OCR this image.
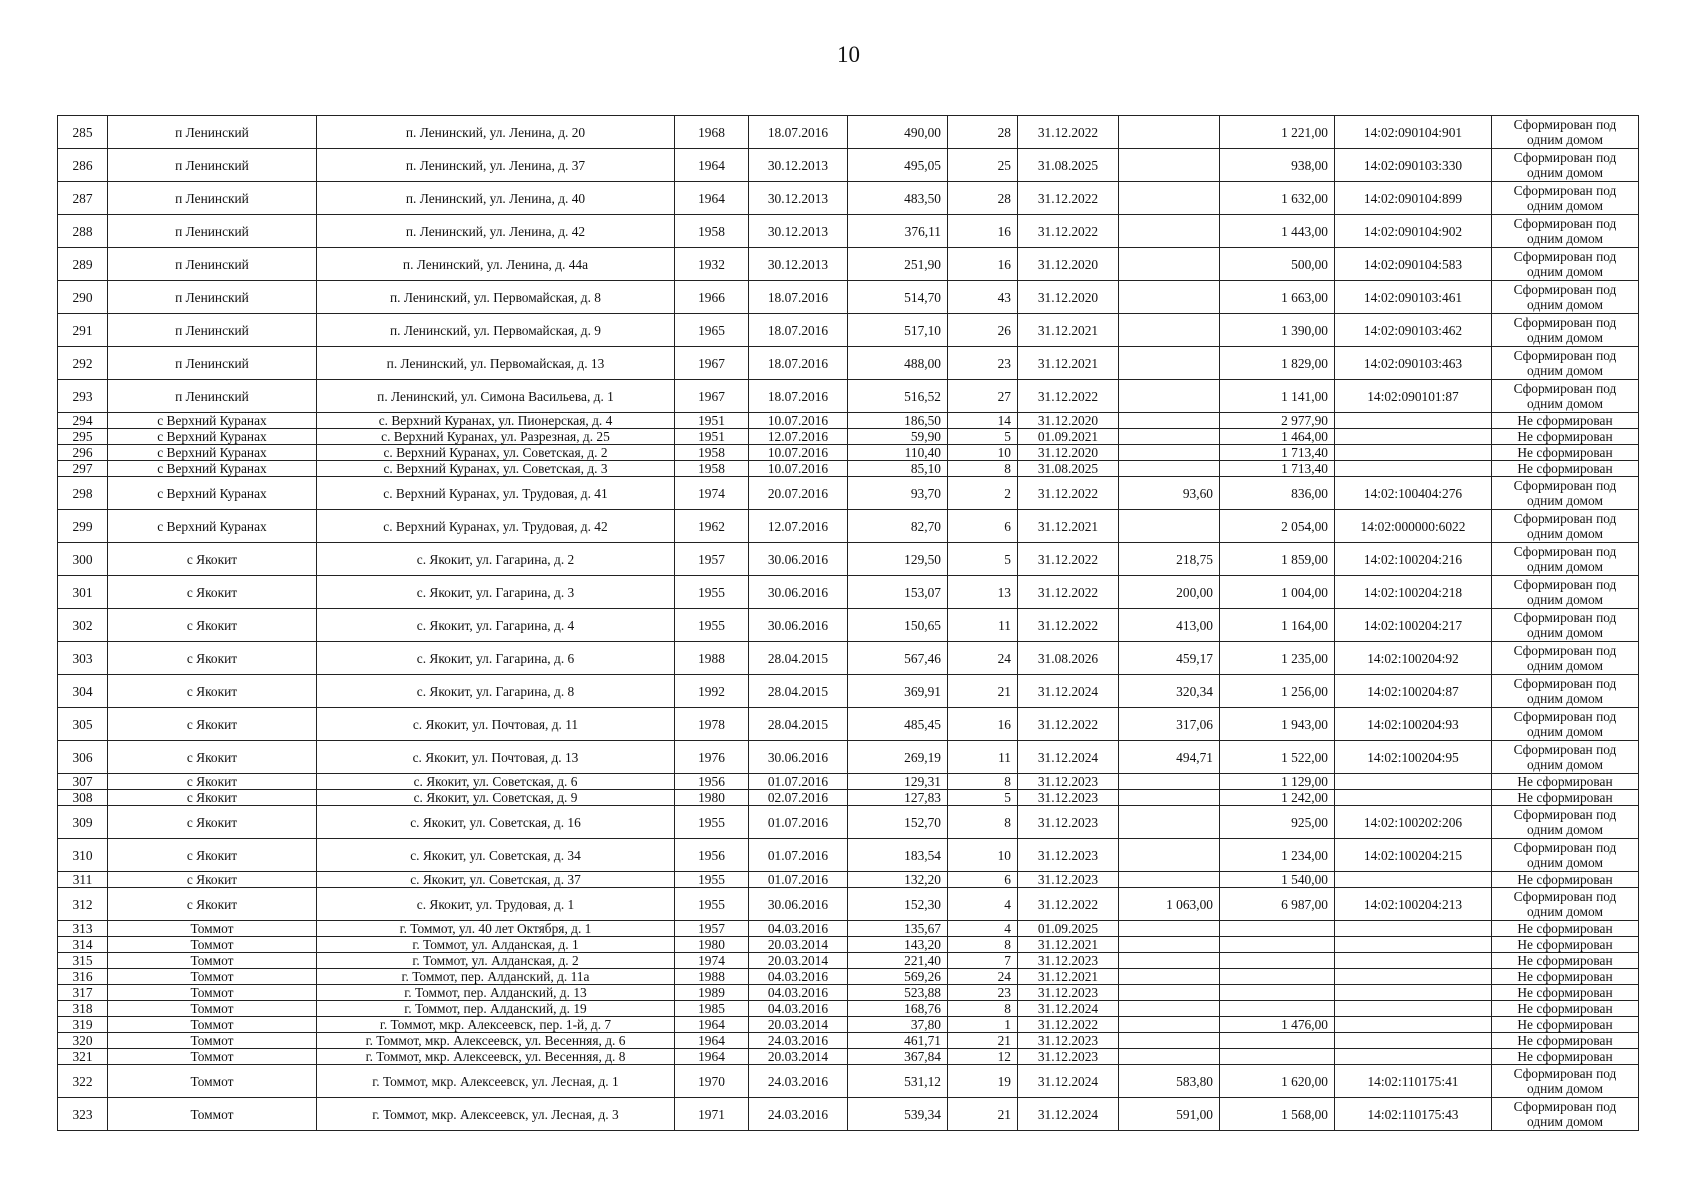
10
285	п Ленинский	п. Ленинский, ул. Ленина, д. 20	1968	18.07.2016	490,00	28	31.12.2022		1 221,00	14:02:090104:901	Сформирован под одним домом
286	п Ленинский	п. Ленинский, ул. Ленина, д. 37	1964	30.12.2013	495,05	25	31.08.2025		938,00	14:02:090103:330	Сформирован под одним домом
287	п Ленинский	п. Ленинский, ул. Ленина, д. 40	1964	30.12.2013	483,50	28	31.12.2022		1 632,00	14:02:090104:899	Сформирован под одним домом
288	п Ленинский	п. Ленинский, ул. Ленина, д. 42	1958	30.12.2013	376,11	16	31.12.2022		1 443,00	14:02:090104:902	Сформирован под одним домом
289	п Ленинский	п. Ленинский, ул. Ленина, д. 44а	1932	30.12.2013	251,90	16	31.12.2020		500,00	14:02:090104:583	Сформирован под одним домом
290	п Ленинский	п. Ленинский, ул. Первомайская, д. 8	1966	18.07.2016	514,70	43	31.12.2020		1 663,00	14:02:090103:461	Сформирован под одним домом
291	п Ленинский	п. Ленинский, ул. Первомайская, д. 9	1965	18.07.2016	517,10	26	31.12.2021		1 390,00	14:02:090103:462	Сформирован под одним домом
292	п Ленинский	п. Ленинский, ул. Первомайская, д. 13	1967	18.07.2016	488,00	23	31.12.2021		1 829,00	14:02:090103:463	Сформирован под одним домом
293	п Ленинский	п. Ленинский, ул. Симона Васильева, д. 1	1967	18.07.2016	516,52	27	31.12.2022		1 141,00	14:02:090101:87	Сформирован под одним домом
294	с Верхний Куранах	с. Верхний Куранах, ул. Пионерская, д. 4	1951	10.07.2016	186,50	14	31.12.2020		2 977,90		Не сформирован
295	с Верхний Куранах	с. Верхний Куранах, ул. Разрезная, д. 25	1951	12.07.2016	59,90	5	01.09.2021		1 464,00		Не сформирован
296	с Верхний Куранах	с. Верхний Куранах, ул. Советская, д. 2	1958	10.07.2016	110,40	10	31.12.2020		1 713,40		Не сформирован
297	с Верхний Куранах	с. Верхний Куранах, ул. Советская, д. 3	1958	10.07.2016	85,10	8	31.08.2025		1 713,40		Не сформирован
298	с Верхний Куранах	с. Верхний Куранах, ул. Трудовая, д. 41	1974	20.07.2016	93,70	2	31.12.2022	93,60	836,00	14:02:100404:276	Сформирован под одним домом
299	с Верхний Куранах	с. Верхний Куранах, ул. Трудовая, д. 42	1962	12.07.2016	82,70	6	31.12.2021		2 054,00	14:02:000000:6022	Сформирован под одним домом
300	с Якокит	с. Якокит, ул. Гагарина, д. 2	1957	30.06.2016	129,50	5	31.12.2022	218,75	1 859,00	14:02:100204:216	Сформирован под одним домом
301	с Якокит	с. Якокит, ул. Гагарина, д. 3	1955	30.06.2016	153,07	13	31.12.2022	200,00	1 004,00	14:02:100204:218	Сформирован под одним домом
302	с Якокит	с. Якокит, ул. Гагарина, д. 4	1955	30.06.2016	150,65	11	31.12.2022	413,00	1 164,00	14:02:100204:217	Сформирован под одним домом
303	с Якокит	с. Якокит, ул. Гагарина, д. 6	1988	28.04.2015	567,46	24	31.08.2026	459,17	1 235,00	14:02:100204:92	Сформирован под одним домом
304	с Якокит	с. Якокит, ул. Гагарина, д. 8	1992	28.04.2015	369,91	21	31.12.2024	320,34	1 256,00	14:02:100204:87	Сформирован под одним домом
305	с Якокит	с. Якокит, ул. Почтовая, д. 11	1978	28.04.2015	485,45	16	31.12.2022	317,06	1 943,00	14:02:100204:93	Сформирован под одним домом
306	с Якокит	с. Якокит, ул. Почтовая, д. 13	1976	30.06.2016	269,19	11	31.12.2024	494,71	1 522,00	14:02:100204:95	Сформирован под одним домом
307	с Якокит	с. Якокит, ул. Советская, д. 6	1956	01.07.2016	129,31	8	31.12.2023		1 129,00		Не сформирован
308	с Якокит	с. Якокит, ул. Советская, д. 9	1980	02.07.2016	127,83	5	31.12.2023		1 242,00		Не сформирован
309	с Якокит	с. Якокит, ул. Советская, д. 16	1955	01.07.2016	152,70	8	31.12.2023		925,00	14:02:100202:206	Сформирован под одним домом
310	с Якокит	с. Якокит, ул. Советская, д. 34	1956	01.07.2016	183,54	10	31.12.2023		1 234,00	14:02:100204:215	Сформирован под одним домом
311	с Якокит	с. Якокит, ул. Советская, д. 37	1955	01.07.2016	132,20	6	31.12.2023		1 540,00		Не сформирован
312	с Якокит	с. Якокит, ул. Трудовая, д. 1	1955	30.06.2016	152,30	4	31.12.2022	1 063,00	6 987,00	14:02:100204:213	Сформирован под одним домом
313	Томмот	г. Томмот, ул. 40 лет Октября, д. 1	1957	04.03.2016	135,67	4	01.09.2025				Не сформирован
314	Томмот	г. Томмот, ул. Алданская, д. 1	1980	20.03.2014	143,20	8	31.12.2021				Не сформирован
315	Томмот	г. Томмот, ул. Алданская, д. 2	1974	20.03.2014	221,40	7	31.12.2023				Не сформирован
316	Томмот	г. Томмот, пер. Алданский, д. 11а	1988	04.03.2016	569,26	24	31.12.2021				Не сформирован
317	Томмот	г. Томмот, пер. Алданский, д. 13	1989	04.03.2016	523,88	23	31.12.2023				Не сформирован
318	Томмот	г. Томмот, пер. Алданский, д. 19	1985	04.03.2016	168,76	8	31.12.2024				Не сформирован
319	Томмот	г. Томмот, мкр. Алексеевск, пер. 1-й, д. 7	1964	20.03.2014	37,80	1	31.12.2022		1 476,00		Не сформирован
320	Томмот	г. Томмот, мкр. Алексеевск, ул. Весенняя, д. 6	1964	24.03.2016	461,71	21	31.12.2023				Не сформирован
321	Томмот	г. Томмот, мкр. Алексеевск, ул. Весенняя, д. 8	1964	20.03.2014	367,84	12	31.12.2023				Не сформирован
322	Томмот	г. Томмот, мкр. Алексеевск, ул. Лесная, д. 1	1970	24.03.2016	531,12	19	31.12.2024	583,80	1 620,00	14:02:110175:41	Сформирован под одним домом
323	Томмот	г. Томмот, мкр. Алексеевск, ул. Лесная, д. 3	1971	24.03.2016	539,34	21	31.12.2024	591,00	1 568,00	14:02:110175:43	Сформирован под одним домом
